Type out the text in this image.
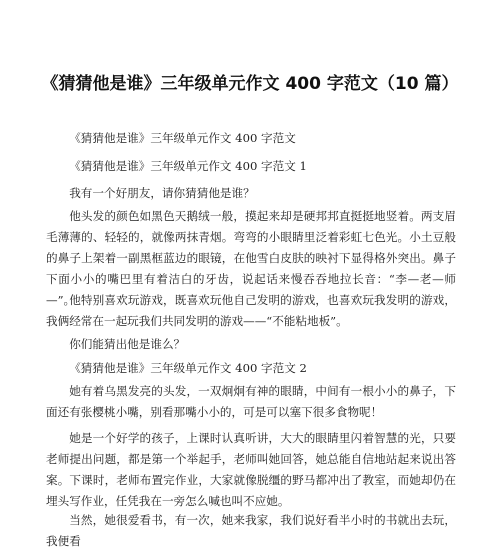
《猜猜他是谁》三年级单元作文 400 字范文（10 篇）

《猜猜他是谁》三年级单元作文 400 字范文

《猜猜他是谁》三年级单元作文 400 字范文 1

我有一个好朋友，请你猜猜他是谁？

他头发的颜色如黑色天鹅绒一般，摸起来却是硬邦邦直挺挺地竖着。两支眉毛薄薄的、轻轻的，就像两抹青烟。弯弯的小眼睛里泛着彩虹七色光。小土豆般的鼻子上架着一副黑框蓝边的眼镜，在他雪白皮肤的映衬下显得格外突出。鼻子下面小小的嘴巴里有着洁白的牙齿，说起话来慢吞吞地拉长音：“李—老—师—”。

他特别喜欢玩游戏，既喜欢玩他自己发明的游戏，也喜欢玩我发明的游戏，我俩经常在一起玩我们共同发明的游戏——“不能粘地板”。

你们能猜出他是谁么？

《猜猜他是谁》三年级单元作文 400 字范文 2

她有着乌黑发亮的头发，一双炯炯有神的眼睛，中间有一根小小的鼻子，下面还有张樱桃小嘴，别看那嘴小小的，可是可以塞下很多食物呢！

她是一个好学的孩子，上课时认真听讲，大大的眼睛里闪着智慧的光，只要老师提出问题，都是第一个举起手，老师叫她回答，她总能自信地站起来说出答案。下课时，老师布置完作业，大家就像脱缰的野马都冲出了教室，而她却仍在埋头写作业，任凭我在一旁怎么喊也叫不应她。

当然，她很爱看书，有一次，她来我家，我们说好看半小时的书就出去玩，我便看
